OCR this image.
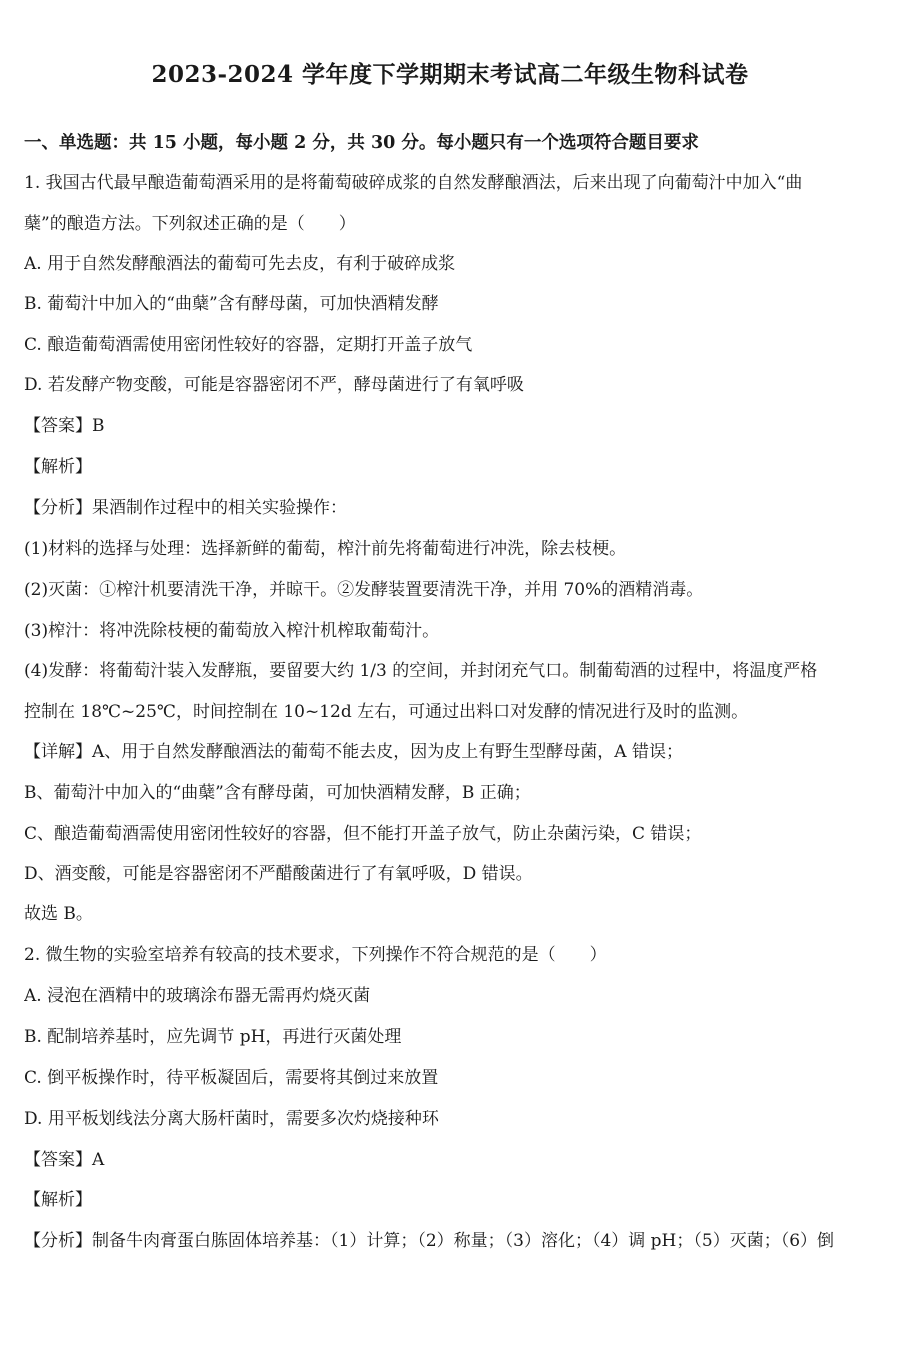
2023-2024 学年度下学期期末考试高二年级生物科试卷
一、单选题：共 15 小题，每小题 2 分，共 30 分。每小题只有一个选项符合题目要求
1. 我国古代最早酿造葡萄酒采用的是将葡萄破碎成浆的自然发酵酿酒法，后来出现了向葡萄汁中加入“曲
蘖”的酿造方法。下列叙述正确的是（　　）
A. 用于自然发酵酿酒法的葡萄可先去皮，有利于破碎成浆
B. 葡萄汁中加入的“曲蘖”含有酵母菌，可加快酒精发酵
C. 酿造葡萄酒需使用密闭性较好的容器，定期打开盖子放气
D. 若发酵产物变酸，可能是容器密闭不严，酵母菌进行了有氧呼吸
【答案】B
【解析】
【分析】果酒制作过程中的相关实验操作：
(1)材料的选择与处理：选择新鲜的葡萄，榨汁前先将葡萄进行冲洗，除去枝梗。
(2)灭菌：①榨汁机要清洗干净，并晾干。②发酵装置要清洗干净，并用 70%的酒精消毒。
(3)榨汁：将冲洗除枝梗的葡萄放入榨汁机榨取葡萄汁。
(4)发酵：将葡萄汁装入发酵瓶，要留要大约 1/3 的空间，并封闭充气口。制葡萄酒的过程中，将温度严格
控制在 18℃~25℃，时间控制在 10~12d 左右，可通过出料口对发酵的情况进行及时的监测。
【详解】A、用于自然发酵酿酒法的葡萄不能去皮，因为皮上有野生型酵母菌，A 错误；
B、葡萄汁中加入的“曲蘖”含有酵母菌，可加快酒精发酵，B 正确；
C、酿造葡萄酒需使用密闭性较好的容器，但不能打开盖子放气，防止杂菌污染，C 错误；
D、酒变酸，可能是容器密闭不严醋酸菌进行了有氧呼吸，D 错误。
故选 B。
2. 微生物的实验室培养有较高的技术要求，下列操作不符合规范的是（　　）
A. 浸泡在酒精中的玻璃涂布器无需再灼烧灭菌
B. 配制培养基时，应先调节 pH，再进行灭菌处理
C. 倒平板操作时，待平板凝固后，需要将其倒过来放置
D. 用平板划线法分离大肠杆菌时，需要多次灼烧接种环
【答案】A
【解析】
【分析】制备牛肉膏蛋白胨固体培养基：（1）计算；（2）称量；（3）溶化；（4）调 pH；（5）灭菌；（6）倒
